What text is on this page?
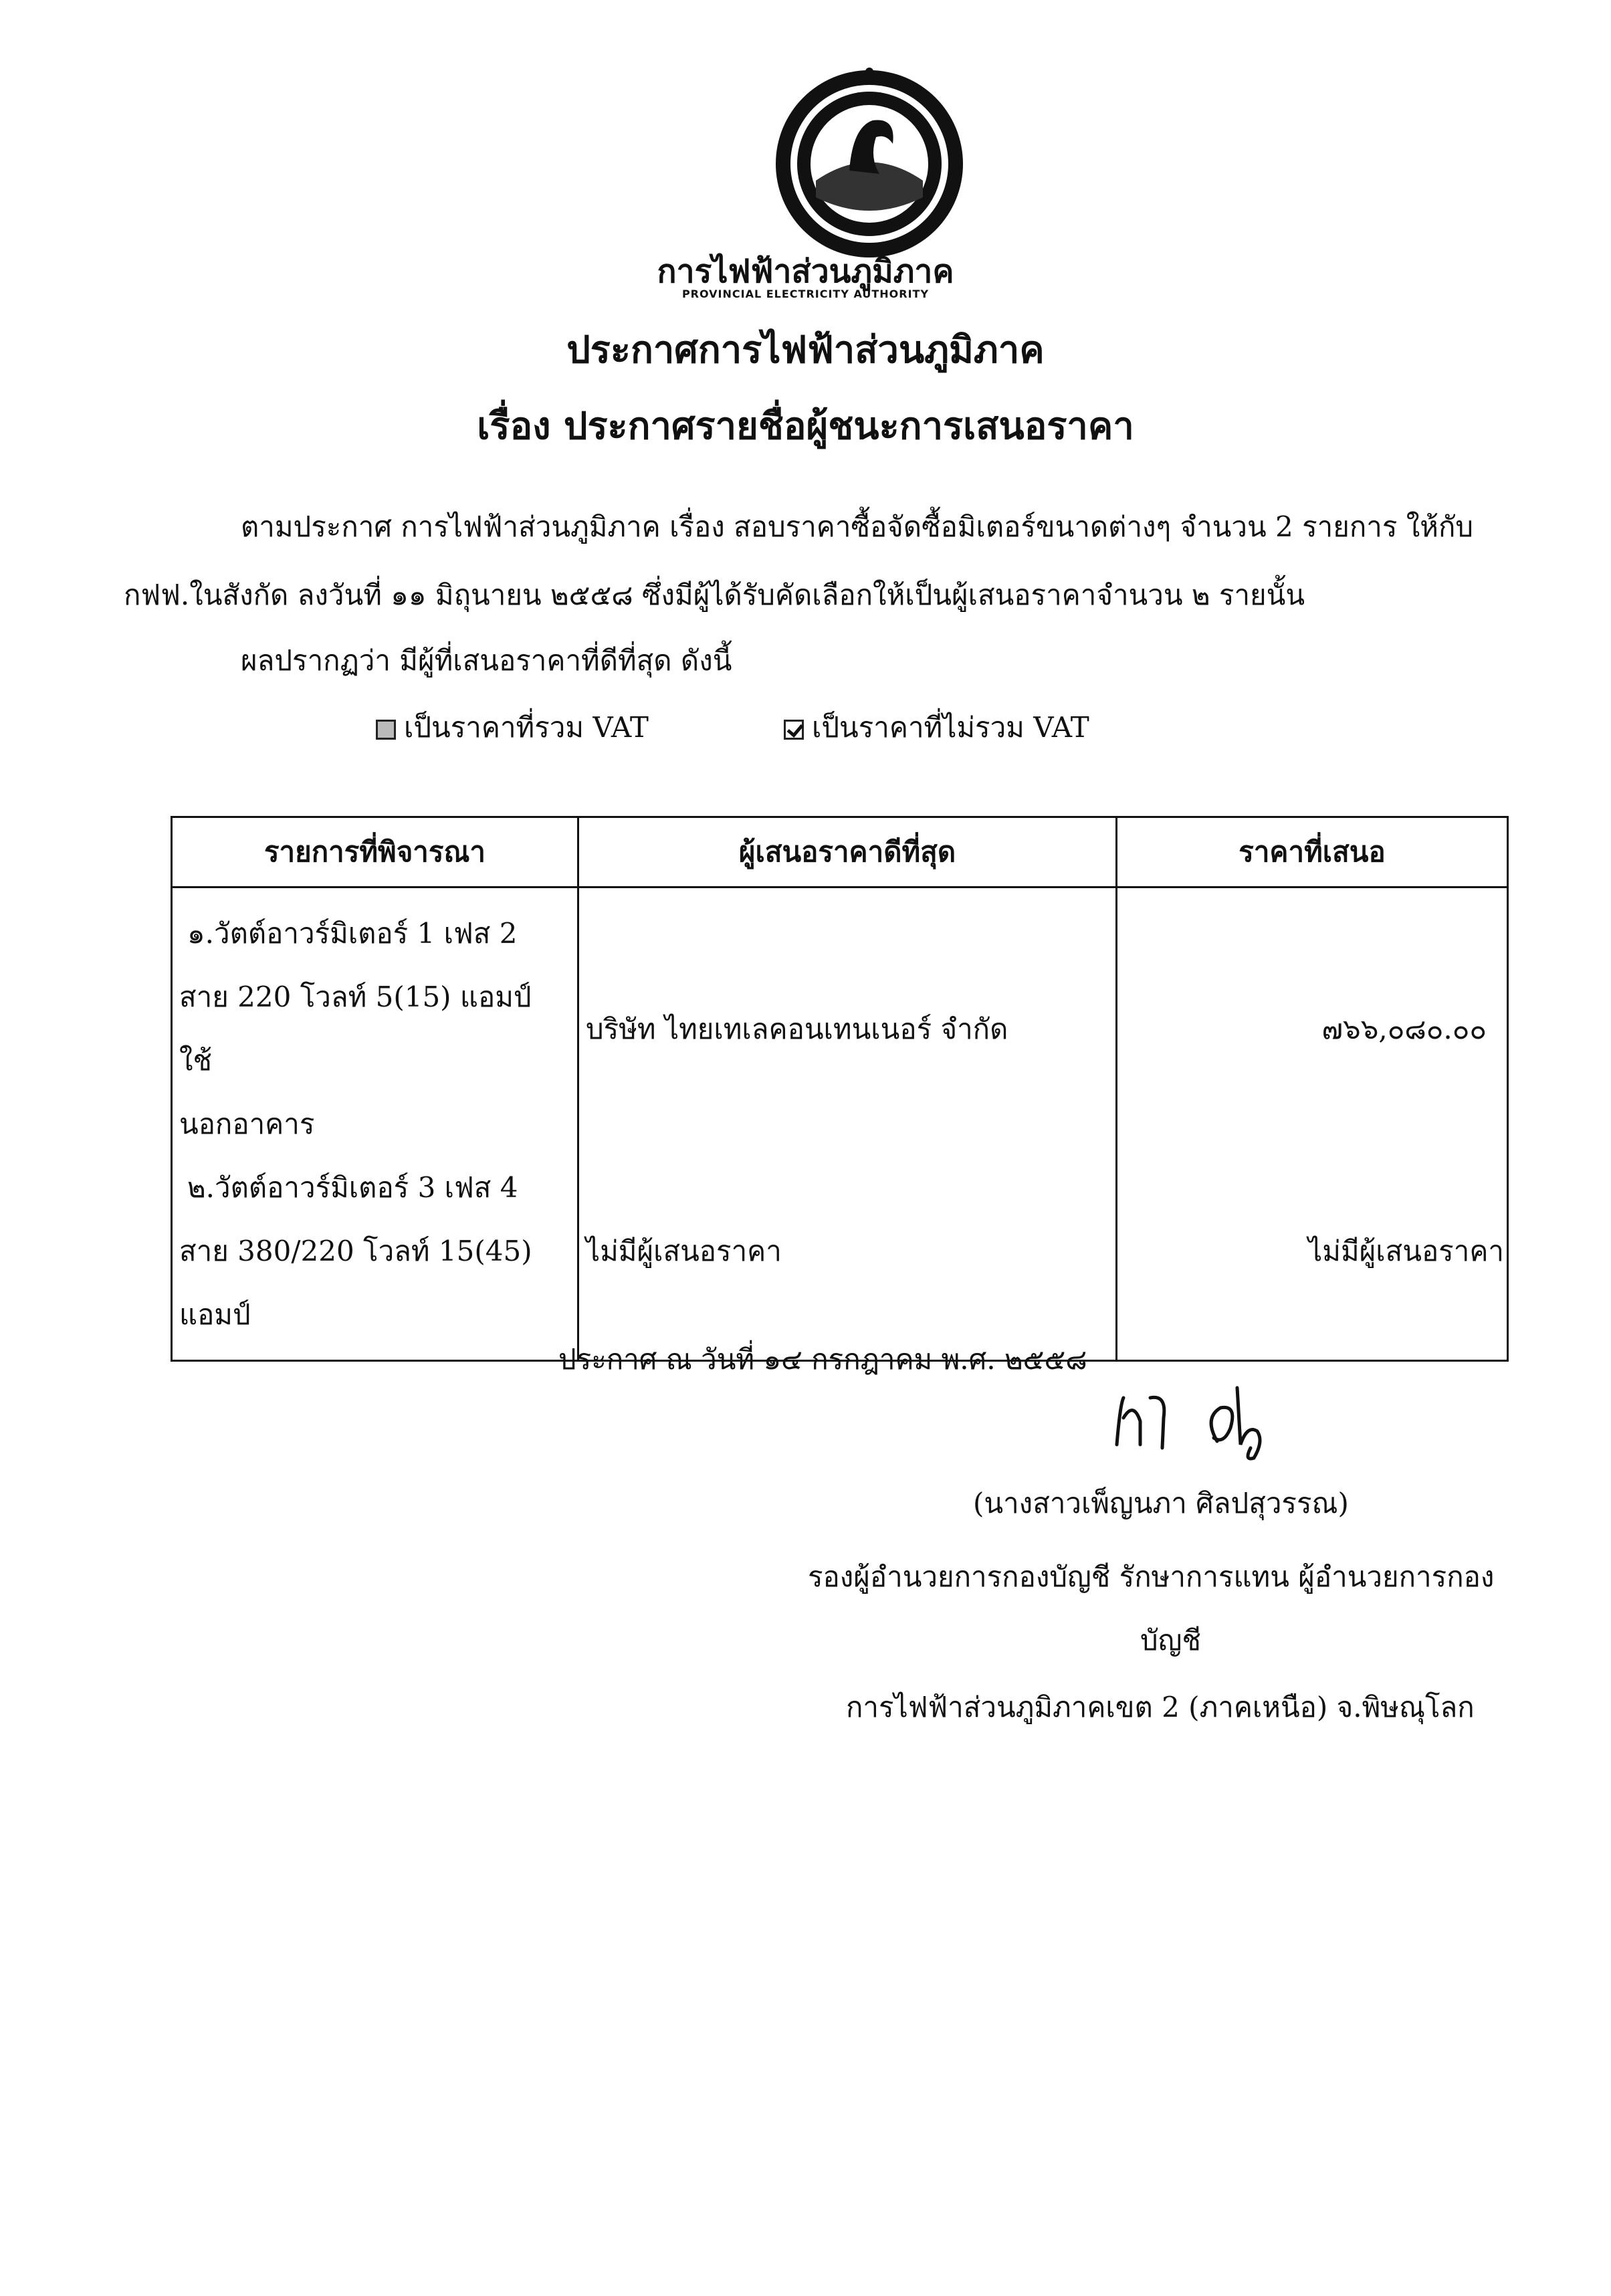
การไฟฟ้าส่วนภูมิภาค
PROVINCIAL ELECTRICITY AUTHORITY
ประกาศการไฟฟ้าส่วนภูมิภาค
เรื่อง ประกาศรายชื่อผู้ชนะการเสนอราคา
ตามประกาศ การไฟฟ้าส่วนภูมิภาค เรื่อง สอบราคาซื้อจัดซื้อมิเตอร์ขนาดต่างๆ จำนวน 2 รายการ ให้กับ
กฟฟ.ในสังกัด ลงวันที่ ๑๑ มิถุนายน ๒๕๕๘ ซึ่งมีผู้ได้รับคัดเลือกให้เป็นผู้เสนอราคาจำนวน ๒ รายนั้น
ผลปรากฏว่า มีผู้ที่เสนอราคาที่ดีที่สุด ดังนี้
เป็นราคาที่รวม VAT	เป็นราคาที่ไม่รวม VAT
รายการที่พิจารณา	ผู้เสนอราคาดีที่สุด	ราคาที่เสนอ

๑.วัตต์อาวร์มิเตอร์ 1 เฟส 2
สาย 220 โวลท์ 5(15) แอมป์ ใช้
นอกอาคาร	บริษัท ไทยเทเลคอนเทนเนอร์ จำกัด	๗๖๖,๐๘๐.๐๐

๒.วัตต์อาวร์มิเตอร์ 3 เฟส 4
สาย 380/220 โวลท์ 15(45)
แอมป์	ไม่มีผู้เสนอราคา	ไม่มีผู้เสนอราคา
ประกาศ ณ วันที่ ๑๔ กรกฎาคม พ.ศ. ๒๕๕๘
(นางสาวเพ็ญนภา ศิลปสุวรรณ)
รองผู้อำนวยการกองบัญชี รักษาการแทน ผู้อำนวยการกอง
บัญชี
การไฟฟ้าส่วนภูมิภาคเขต 2 (ภาคเหนือ) จ.พิษณุโลก
